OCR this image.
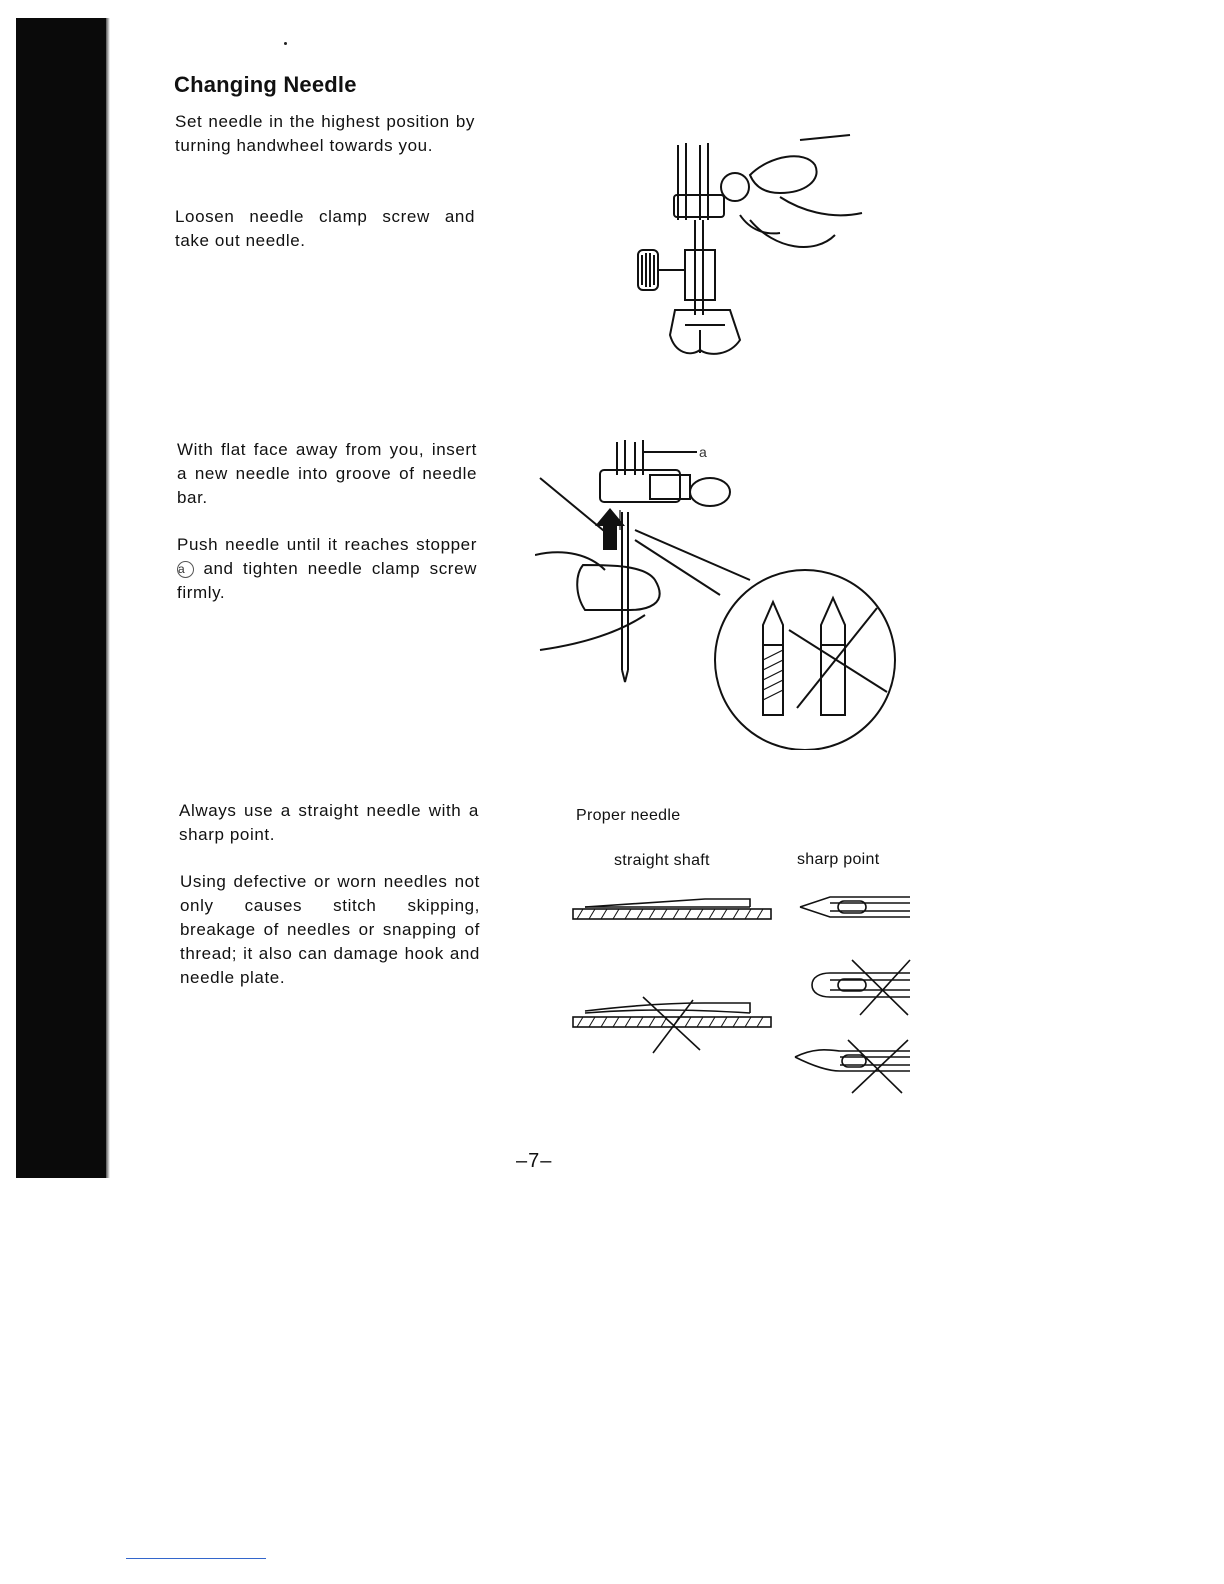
Changing Needle

Set needle in the highest position by turning handwheel towards you.

Loosen needle clamp screw and take out needle.

With flat face away from you, insert a new needle into groove of needle bar.

Push needle until it reaches stopper a and tighten needle clamp screw firmly.

Always use a straight needle with a sharp point.

Using defective or worn needles not only causes stitch skipping, breakage of needles or snapping of thread; it also can damage hook and needle plate.

a

Proper needle

straight shaft	sharp point

–7–
